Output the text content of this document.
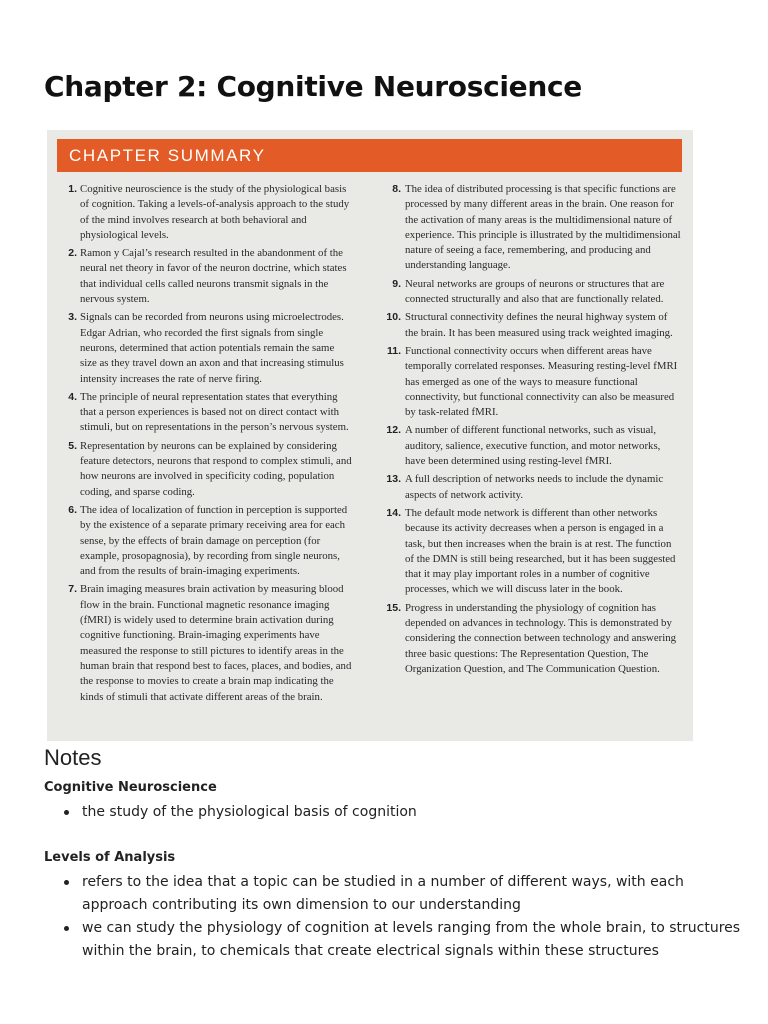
Chapter 2: Cognitive Neuroscience
CHAPTER SUMMARY
1. Cognitive neuroscience is the study of the physiological basis of cognition. Taking a levels-of-analysis approach to the study of the mind involves research at both behavioral and physiological levels.

2. Ramon y Cajal’s research resulted in the abandonment of the neural net theory in favor of the neuron doctrine, which states that individual cells called neurons transmit signals in the nervous system.

3. Signals can be recorded from neurons using microelectrodes. Edgar Adrian, who recorded the first signals from single neurons, determined that action potentials remain the same size as they travel down an axon and that increasing stimulus intensity increases the rate of nerve firing.

4. The principle of neural representation states that everything that a person experiences is based not on direct contact with stimuli, but on representations in the person’s nervous system.

5. Representation by neurons can be explained by considering feature detectors, neurons that respond to complex stimuli, and how neurons are involved in specificity coding, population coding, and sparse coding.

6. The idea of localization of function in perception is supported by the existence of a separate primary receiving area for each sense, by the effects of brain damage on perception (for example, prosopagnosia), by recording from single neurons, and from the results of brain-imaging experiments.

7. Brain imaging measures brain activation by measuring blood flow in the brain. Functional magnetic resonance imaging (fMRI) is widely used to determine brain activation during cognitive functioning. Brain-imaging experiments have measured the response to still pictures to identify areas in the human brain that respond best to faces, places, and bodies, and the response to movies to create a brain map indicating the kinds of stimuli that activate different areas of the brain.

8. The idea of distributed processing is that specific functions are processed by many different areas in the brain. One reason for the activation of many areas is the multidimensional nature of experience. This principle is illustrated by the multidimensional nature of seeing a face, remembering, and producing and understanding language.

9. Neural networks are groups of neurons or structures that are connected structurally and also that are functionally related.

10. Structural connectivity defines the neural highway system of the brain. It has been measured using track weighted imaging.

11. Functional connectivity occurs when different areas have temporally correlated responses. Measuring resting-level fMRI has emerged as one of the ways to measure functional connectivity, but functional connectivity can also be measured by task-related fMRI.

12. A number of different functional networks, such as visual, auditory, salience, executive function, and motor networks, have been determined using resting-level fMRI.

13. A full description of networks needs to include the dynamic aspects of network activity.

14. The default mode network is different than other networks because its activity decreases when a person is engaged in a task, but then increases when the brain is at rest. The function of the DMN is still being researched, but it has been suggested that it may play important roles in a number of cognitive processes, which we will discuss later in the book.

15. Progress in understanding the physiology of cognition has depended on advances in technology. This is demonstrated by considering the connection between technology and answering three basic questions: The Representation Question, The Organization Question, and The Communication Question.

Notes
Cognitive Neuroscience
the study of the physiological basis of cognition
Levels of Analysis
refers to the idea that a topic can be studied in a number of different ways, with each approach contributing its own dimension to our understanding
we can study the physiology of cognition at levels ranging from the whole brain, to structures within the brain, to chemicals that create electrical signals within these structures
